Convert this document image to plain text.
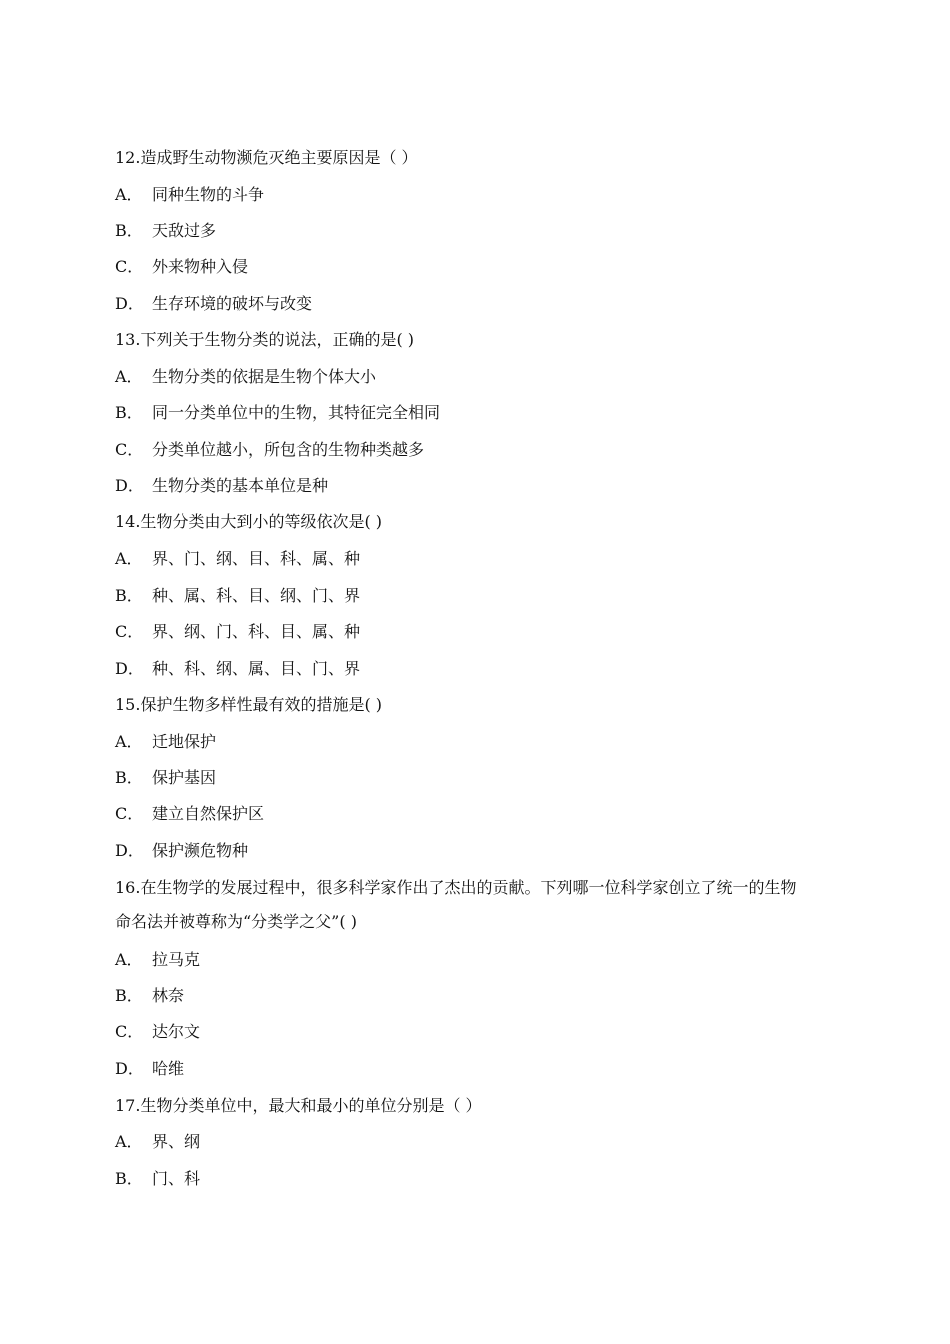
12.造成野生动物濒危灭绝主要原因是（ ）
A． 同种生物的斗争
B． 天敌过多
C． 外来物种入侵
D． 生存环境的破坏与改变
13.下列关于生物分类的说法，正确的是( )
A． 生物分类的依据是生物个体大小
B． 同一分类单位中的生物，其特征完全相同
C． 分类单位越小，所包含的生物种类越多
D． 生物分类的基本单位是种
14.生物分类由大到小的等级依次是( )
A． 界、门、纲、目、科、属、种
B． 种、属、科、目、纲、门、界
C． 界、纲、门、科、目、属、种
D． 种、科、纲、属、目、门、界
15.保护生物多样性最有效的措施是( )
A． 迁地保护
B． 保护基因
C． 建立自然保护区
D． 保护濒危物种
16.在生物学的发展过程中，很多科学家作出了杰出的贡献。下列哪一位科学家创立了统一的生物
命名法并被尊称为“分类学之父”( )
A． 拉马克
B． 林奈
C． 达尔文
D． 哈维
17.生物分类单位中，最大和最小的单位分别是（ ）
A． 界、纲
B． 门、科
